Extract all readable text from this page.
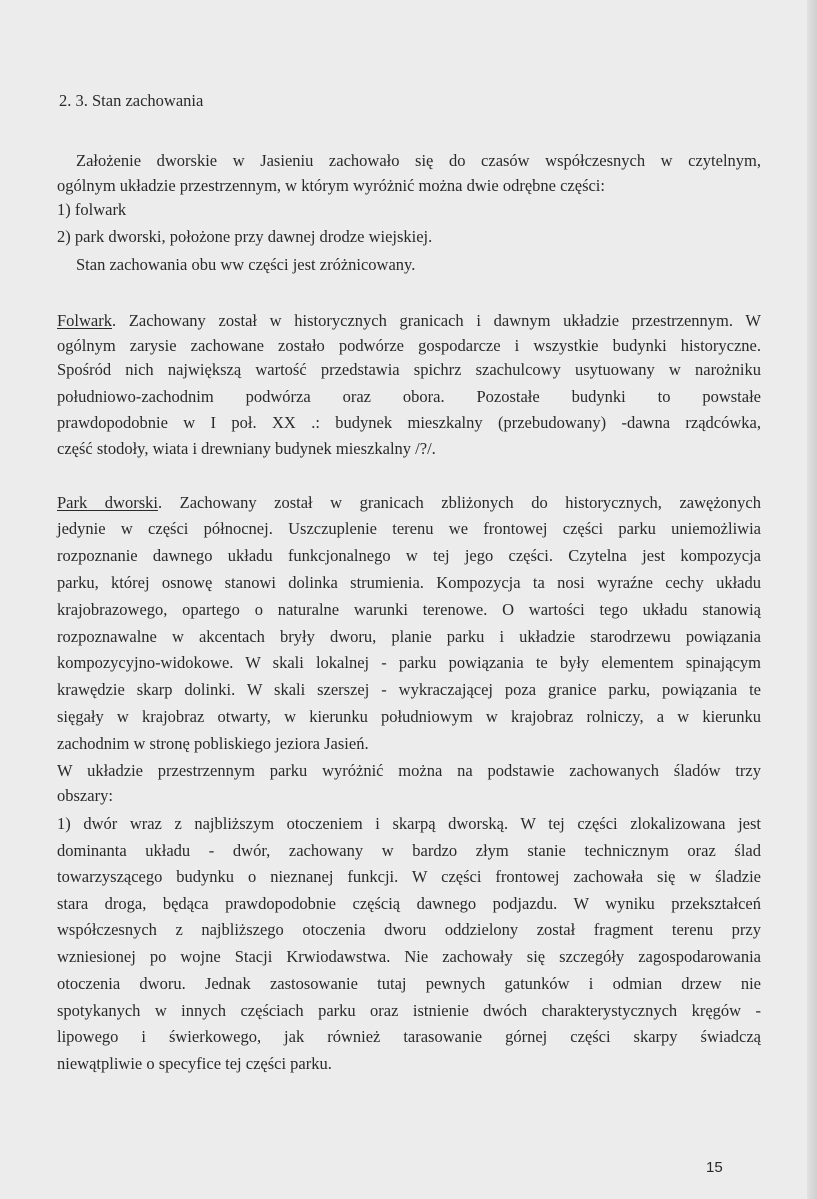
2. 3. Stan zachowania
Założenie dworskie w Jasieniu zachowało się do czasów współczesnych w czytelnym,
ogólnym układzie przestrzennym, w którym wyróżnić można dwie odrębne części:
1) folwark
2) park dworski, położone przy dawnej drodze wiejskiej.
Stan zachowania obu ww części jest zróżnicowany.
Folwark. Zachowany został w historycznych granicach i dawnym układzie przestrzennym. W
ogólnym zarysie zachowane zostało podwórze gospodarcze i wszystkie budynki historyczne.
Spośród nich największą wartość przedstawia spichrz szachulcowy usytuowany w narożniku
południowo-zachodnim podwórza oraz obora. Pozostałe budynki to powstałe
prawdopodobnie w I poł. XX .: budynek mieszkalny (przebudowany) -dawna rządcówka,
część stodoły, wiata i drewniany budynek mieszkalny /?/.
Park dworski. Zachowany został w granicach zbliżonych do historycznych, zawężonych
jedynie w części północnej. Uszczuplenie terenu we frontowej części parku uniemożliwia
rozpoznanie dawnego układu funkcjonalnego w tej jego części. Czytelna jest kompozycja
parku, której osnowę stanowi dolinka strumienia. Kompozycja ta nosi wyraźne cechy układu
krajobrazowego, opartego o naturalne warunki terenowe. O wartości tego układu stanowią
rozpoznawalne w akcentach bryły dworu, planie parku i układzie starodrzewu powiązania
kompozycyjno-widokowe. W skali lokalnej - parku powiązania te były elementem spinającym
krawędzie skarp dolinki. W skali szerszej - wykraczającej poza granice parku, powiązania te
sięgały w krajobraz otwarty, w kierunku południowym w krajobraz rolniczy, a w kierunku
zachodnim w stronę pobliskiego jeziora Jasień.
W układzie przestrzennym parku wyróżnić można na podstawie zachowanych śladów trzy
obszary:
1) dwór wraz z najbliższym otoczeniem i skarpą dworską. W tej części zlokalizowana jest
dominanta układu - dwór, zachowany w bardzo złym stanie technicznym oraz ślad
towarzyszącego budynku o nieznanej funkcji. W części frontowej zachowała się w śladzie
stara droga, będąca prawdopodobnie częścią dawnego podjazdu. W wyniku przekształceń
współczesnych z najbliższego otoczenia dworu oddzielony został fragment terenu przy
wzniesionej po wojne Stacji Krwiodawstwa. Nie zachowały się szczegóły zagospodarowania
otoczenia dworu. Jednak zastosowanie tutaj pewnych gatunków i odmian drzew nie
spotykanych w innych częściach parku oraz istnienie dwóch charakterystycznych kręgów -
lipowego i świerkowego, jak również tarasowanie górnej części skarpy świadczą
niewątpliwie o specyfice tej części parku.
15
